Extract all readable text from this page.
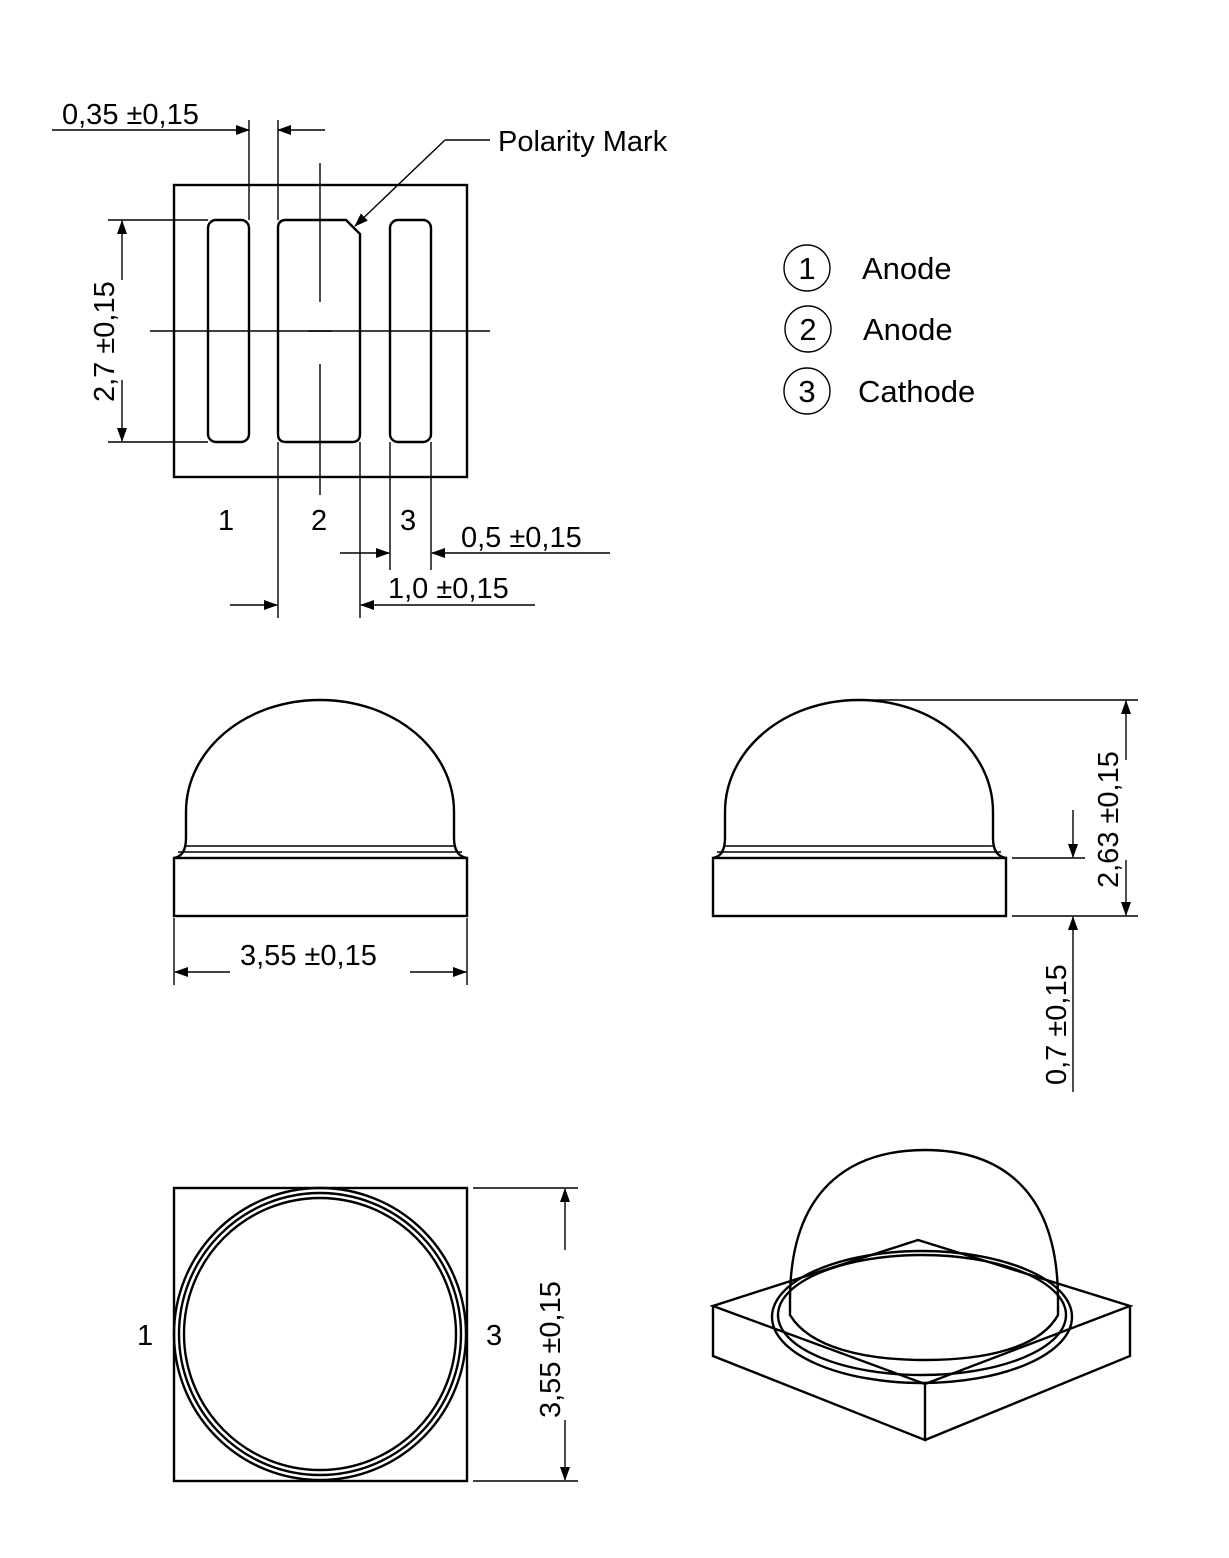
0,35 ±0,15
Polarity Mark
2,7 ±0,15
1	2	3
0,5 ±0,15
1,0 ±0,15
1 Anode
2 Anode
3 Cathode
3,55 ±0,15
2,63 ±0,15
0,7 ±0,15
1	3 3,55 ±0,15
